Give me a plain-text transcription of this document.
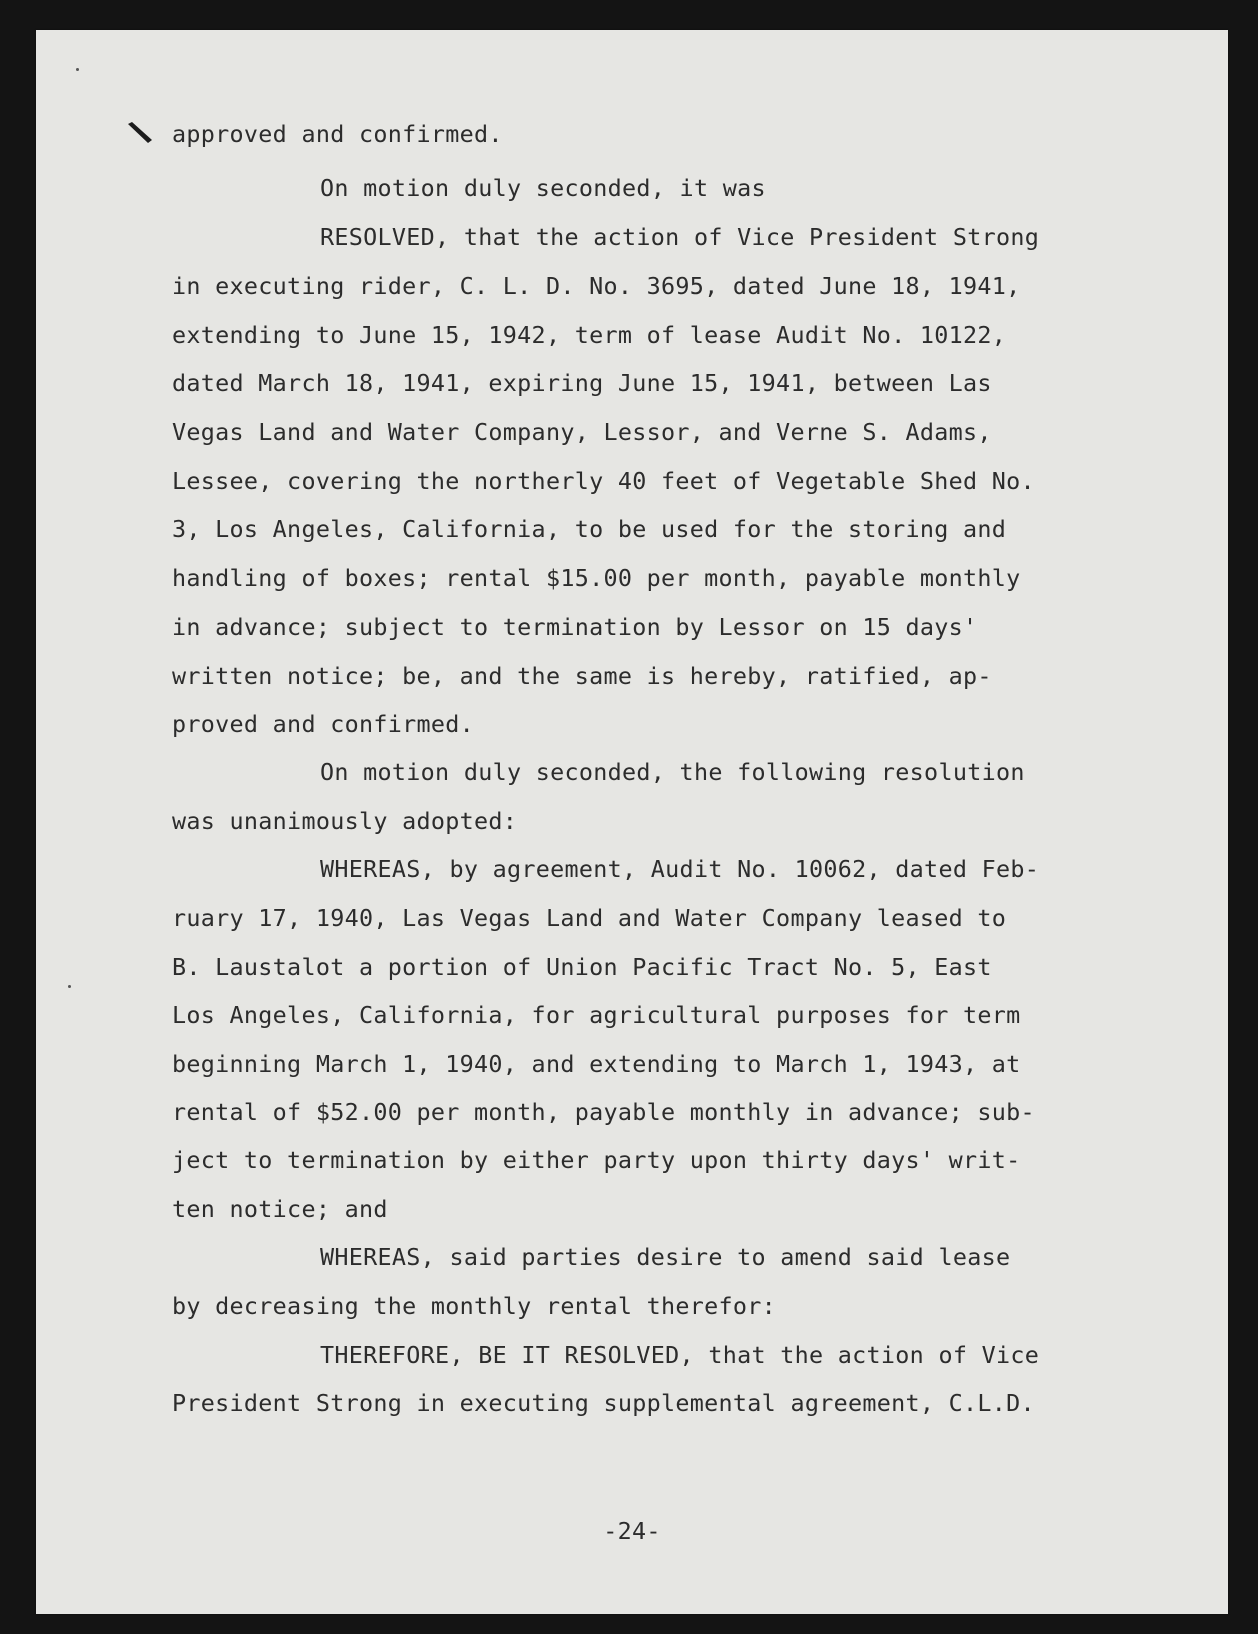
approved and confirmed.
On motion duly seconded, it was
RESOLVED, that the action of Vice President Strong
in executing rider, C. L. D. No. 3695, dated June 18, 1941,
extending to June 15, 1942, term of lease Audit No. 10122,
dated March 18, 1941, expiring June 15, 1941, between Las
Vegas Land and Water Company, Lessor, and Verne S. Adams,
Lessee, covering the northerly 40 feet of Vegetable Shed No.
3, Los Angeles, California, to be used for the storing and
handling of boxes; rental $15.00 per month, payable monthly
in advance; subject to termination by Lessor on 15 days'
written notice; be, and the same is hereby, ratified, ap-
proved and confirmed.
On motion duly seconded, the following resolution
was unanimously adopted:
WHEREAS, by agreement, Audit No. 10062, dated Feb-
ruary 17, 1940, Las Vegas Land and Water Company leased to
B. Laustalot a portion of Union Pacific Tract No. 5, East
Los Angeles, California, for agricultural purposes for term
beginning March 1, 1940, and extending to March 1, 1943, at
rental of $52.00 per month, payable monthly in advance; sub-
ject to termination by either party upon thirty days' writ-
ten notice; and
WHEREAS, said parties desire to amend said lease
by decreasing the monthly rental therefor:
THEREFORE, BE IT RESOLVED, that the action of Vice
President Strong in executing supplemental agreement, C.L.D.
-24-
